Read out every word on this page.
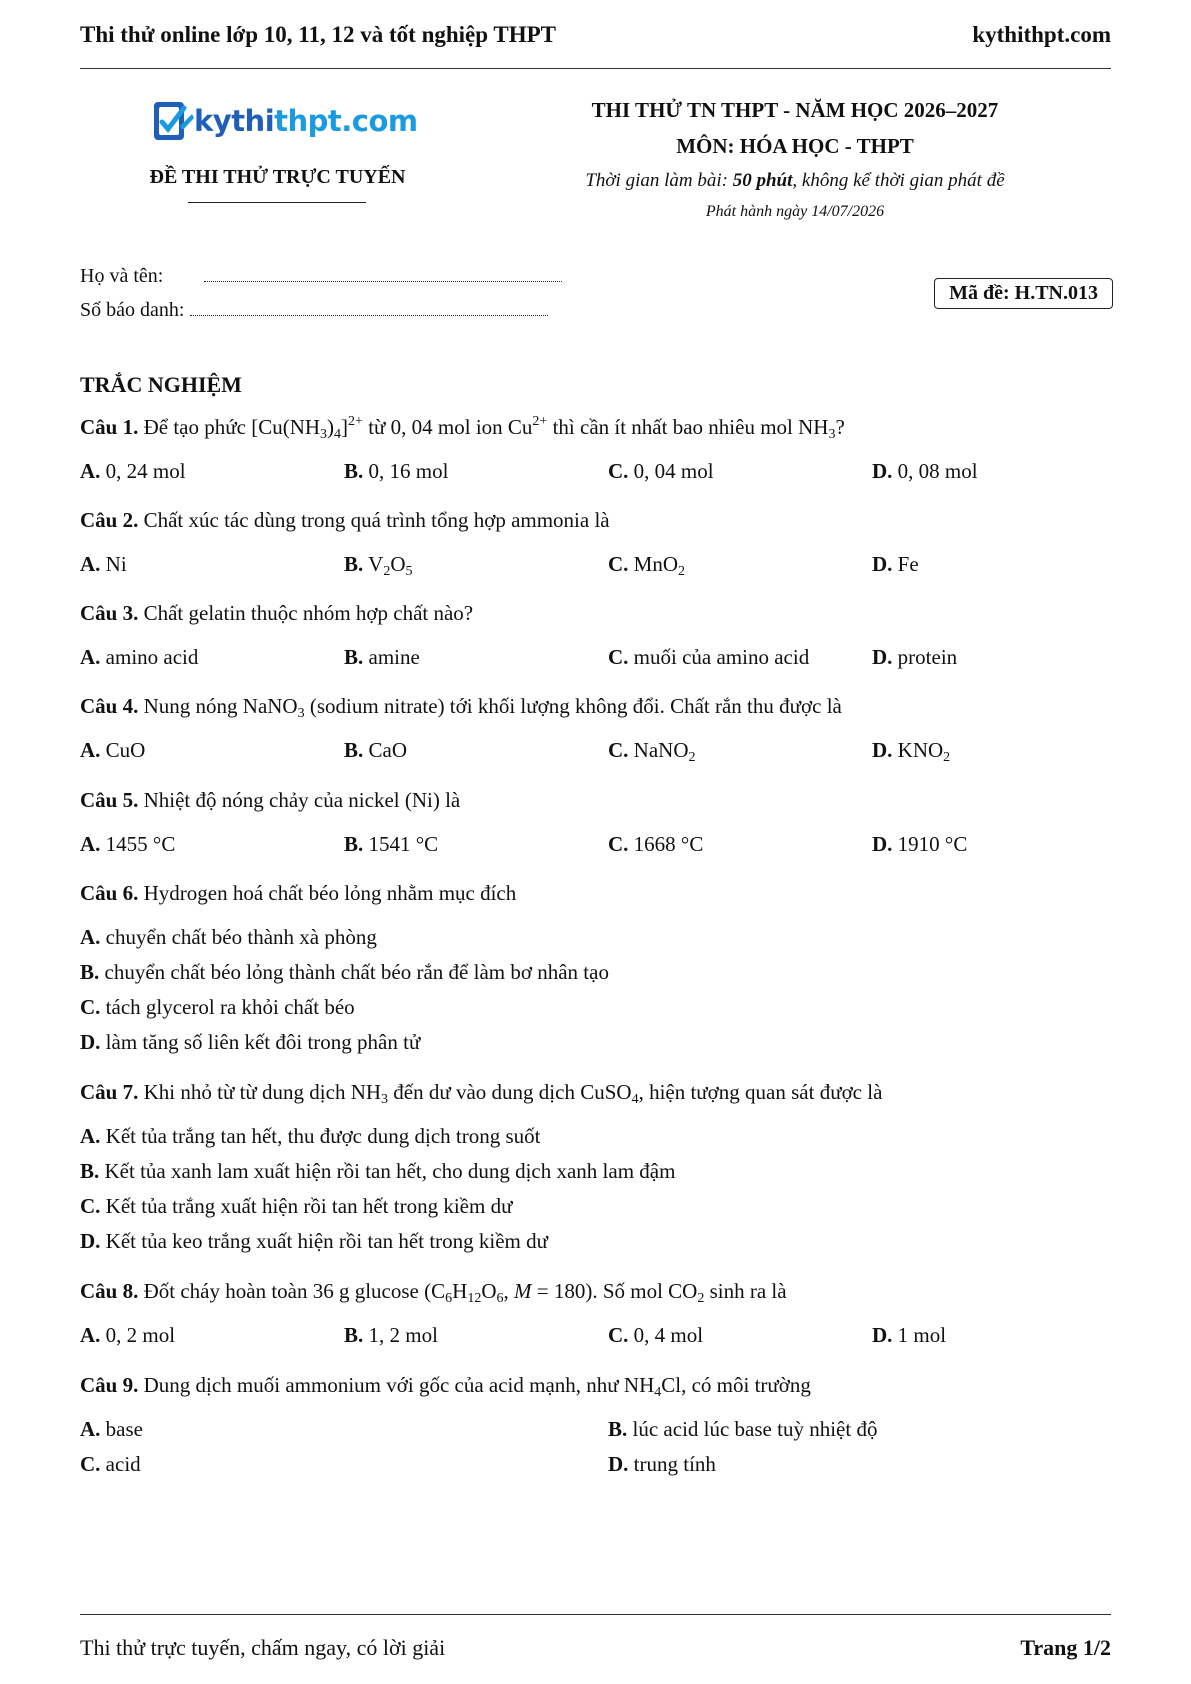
Thi thử online lớp 10, 11, 12 và tốt nghiệp THPT	kythithpt.com
kythithpt.com
ĐỀ THI THỬ TRỰC TUYẾN
THI THỬ TN THPT - NĂM HỌC 2026–2027
MÔN: HÓA HỌC - THPT
Thời gian làm bài: 50 phút, không kể thời gian phát đề
Phát hành ngày 14/07/2026
Họ và tên:
Số báo danh:
Mã đề: H.TN.013
TRẮC NGHIỆM
Câu 1. Để tạo phức $[Cu(NH_3)_4]^{2+}$ từ 0, 04 mol ion $Cu^{2+}$ thì cần ít nhất bao nhiêu mol $NH_3$?
A. 0, 24 mol	B. 0, 16 mol	C. 0, 04 mol	D. 0, 08 mol
Câu 2. Chất xúc tác dùng trong quá trình tổng hợp ammonia là
A. Ni	B. $V_2O_5$	C. MnO$_2$	D. Fe
Câu 3. Chất gelatin thuộc nhóm hợp chất nào?
A. amino acid	B. amine	C. muối của amino acid	D. protein
Câu 4. Nung nóng NaNO$_3$ (sodium nitrate) tới khối lượng không đổi. Chất rắn thu được là
A. CuO	B. CaO	C. NaNO$_2$	D. $KNO_2$
Câu 5. Nhiệt độ nóng chảy của nickel (Ni) là
A. 1455 °C	B. 1541 °C	C. 1668 °C	D. 1910 °C
Câu 6. Hydrogen hoá chất béo lỏng nhằm mục đích
A. chuyển chất béo thành xà phòng
B. chuyển chất béo lỏng thành chất béo rắn để làm bơ nhân tạo
C. tách glycerol ra khỏi chất béo
D. làm tăng số liên kết đôi trong phân tử
Câu 7. Khi nhỏ từ từ dung dịch $NH_3$ đến dư vào dung dịch CuSO$_4$, hiện tượng quan sát được là
A. Kết tủa trắng tan hết, thu được dung dịch trong suốt
B. Kết tủa xanh lam xuất hiện rồi tan hết, cho dung dịch xanh lam đậm
C. Kết tủa trắng xuất hiện rồi tan hết trong kiềm dư
D. Kết tủa keo trắng xuất hiện rồi tan hết trong kiềm dư
Câu 8. Đốt cháy hoàn toàn 36 g glucose ($C_6H_{12}O_6$, M = 180). Số mol $CO_2$ sinh ra là
A. 0, 2 mol	B. 1, 2 mol	C. 0, 4 mol	D. 1 mol
Câu 9. Dung dịch muối ammonium với gốc của acid mạnh, như $NH_4Cl$, có môi trường
A. base	B. lúc acid lúc base tuỳ nhiệt độ
C. acid	D. trung tính
Thi thử trực tuyến, chấm ngay, có lời giải	Trang 1/2
